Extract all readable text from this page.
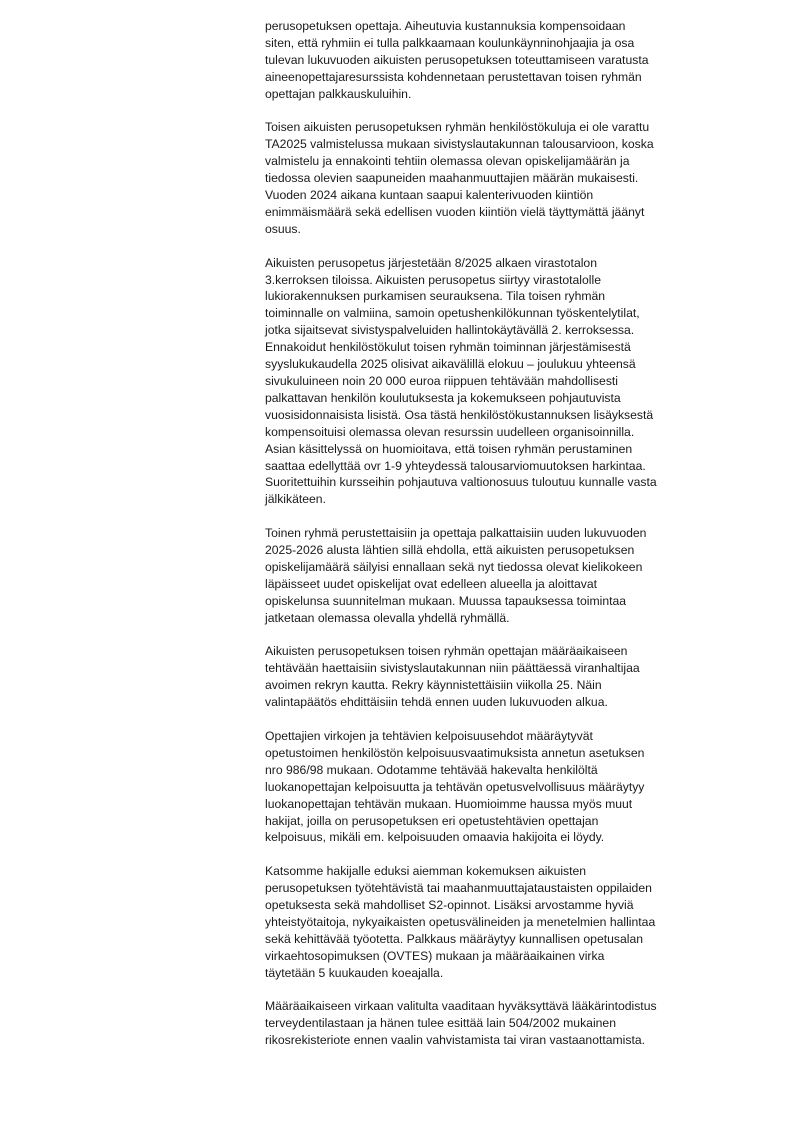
perusopetuksen opettaja. Aiheutuvia kustannuksia kompensoidaan
siten, että ryhmiin ei tulla palkkaamaan koulunkäynninohjaajia ja osa
tulevan lukuvuoden aikuisten perusopetuksen toteuttamiseen varatusta
aineenopettajaresurssista kohdennetaan perustettavan toisen ryhmän
opettajan palkkauskuluihin.

Toisen aikuisten perusopetuksen ryhmän henkilöstökuluja ei ole varattu
TA2025 valmistelussa mukaan sivistyslautakunnan talousarvioon, koska
valmistelu ja ennakointi tehtiin olemassa olevan opiskelijamäärän ja
tiedossa olevien saapuneiden maahanmuuttajien määrän mukaisesti.
Vuoden 2024 aikana kuntaan saapui kalenterivuoden kiintiön
enimmäismäärä sekä edellisen vuoden kiintiön vielä täyttymättä jäänyt
osuus.

Aikuisten perusopetus järjestetään 8/2025 alkaen virastotalon
3.kerroksen tiloissa. Aikuisten perusopetus siirtyy virastotalolle
lukiorakennuksen purkamisen seurauksena. Tila toisen ryhmän
toiminnalle on valmiina, samoin opetushenkilökunnan työskentelytilat,
jotka sijaitsevat sivistyspalveluiden hallintokäytävällä 2. kerroksessa.
Ennakoidut henkilöstökulut toisen ryhmän toiminnan järjestämisestä
syyslukukaudella 2025 olisivat aikavälillä elokuu – joulukuu yhteensä
sivukuluineen noin 20 000 euroa riippuen tehtävään mahdollisesti
palkattavan henkilön koulutuksesta ja kokemukseen pohjautuvista
vuosisidonnaisista lisistä. Osa tästä henkilöstökustannuksen lisäyksestä
kompensoituisi olemassa olevan resurssin uudelleen organisoinnilla.
Asian käsittelyssä on huomioitava, että toisen ryhmän perustaminen
saattaa edellyttää ovr 1-9 yhteydessä talousarviomuutoksen harkintaa.
Suoritettuihin kursseihin pohjautuva valtionosuus tuloutuu kunnalle vasta
jälkikäteen.

Toinen ryhmä perustettaisiin ja opettaja palkattaisiin uuden lukuvuoden
2025-2026 alusta lähtien sillä ehdolla, että aikuisten perusopetuksen
opiskelijamäärä säilyisi ennallaan sekä nyt tiedossa olevat kielikokeen
läpäisseet uudet opiskelijat ovat edelleen alueella ja aloittavat
opiskelunsa suunnitelman mukaan. Muussa tapauksessa toimintaa
jatketaan olemassa olevalla yhdellä ryhmällä.

Aikuisten perusopetuksen toisen ryhmän opettajan määräaikaiseen
tehtävään haettaisiin sivistyslautakunnan niin päättäessä viranhaltijaa
avoimen rekryn kautta. Rekry käynnistettäisiin viikolla 25. Näin
valintapäätös ehdittäisiin tehdä ennen uuden lukuvuoden alkua.

Opettajien virkojen ja tehtävien kelpoisuusehdot määräytyvät
opetustoimen henkilöstön kelpoisuusvaatimuksista annetun asetuksen
nro 986/98 mukaan. Odotamme tehtävää hakevalta henkilöltä
luokanopettajan kelpoisuutta ja tehtävän opetusvelvollisuus määräytyy
luokanopettajan tehtävän mukaan. Huomioimme haussa myös muut
hakijat, joilla on perusopetuksen eri opetustehtävien opettajan
kelpoisuus, mikäli em. kelpoisuuden omaavia hakijoita ei löydy.

Katsomme hakijalle eduksi aiemman kokemuksen aikuisten
perusopetuksen työtehtävistä tai maahanmuuttajataustaisten oppilaiden
opetuksesta sekä mahdolliset S2-opinnot. Lisäksi arvostamme hyviä
yhteistyötaitoja, nykyaikaisten opetusvälineiden ja menetelmien hallintaa
sekä kehittävää työotetta. Palkkaus määräytyy kunnallisen opetusalan
virkaehtosopimuksen (OVTES) mukaan ja määräaikainen virka
täytetään 5 kuukauden koeajalla.

Määräaikaiseen virkaan valitulta vaaditaan hyväksyttävä lääkärintodistus
terveydentilastaan ja hänen tulee esittää lain 504/2002 mukainen
rikosrekisteriote ennen vaalin vahvistamista tai viran vastaanottamista.
